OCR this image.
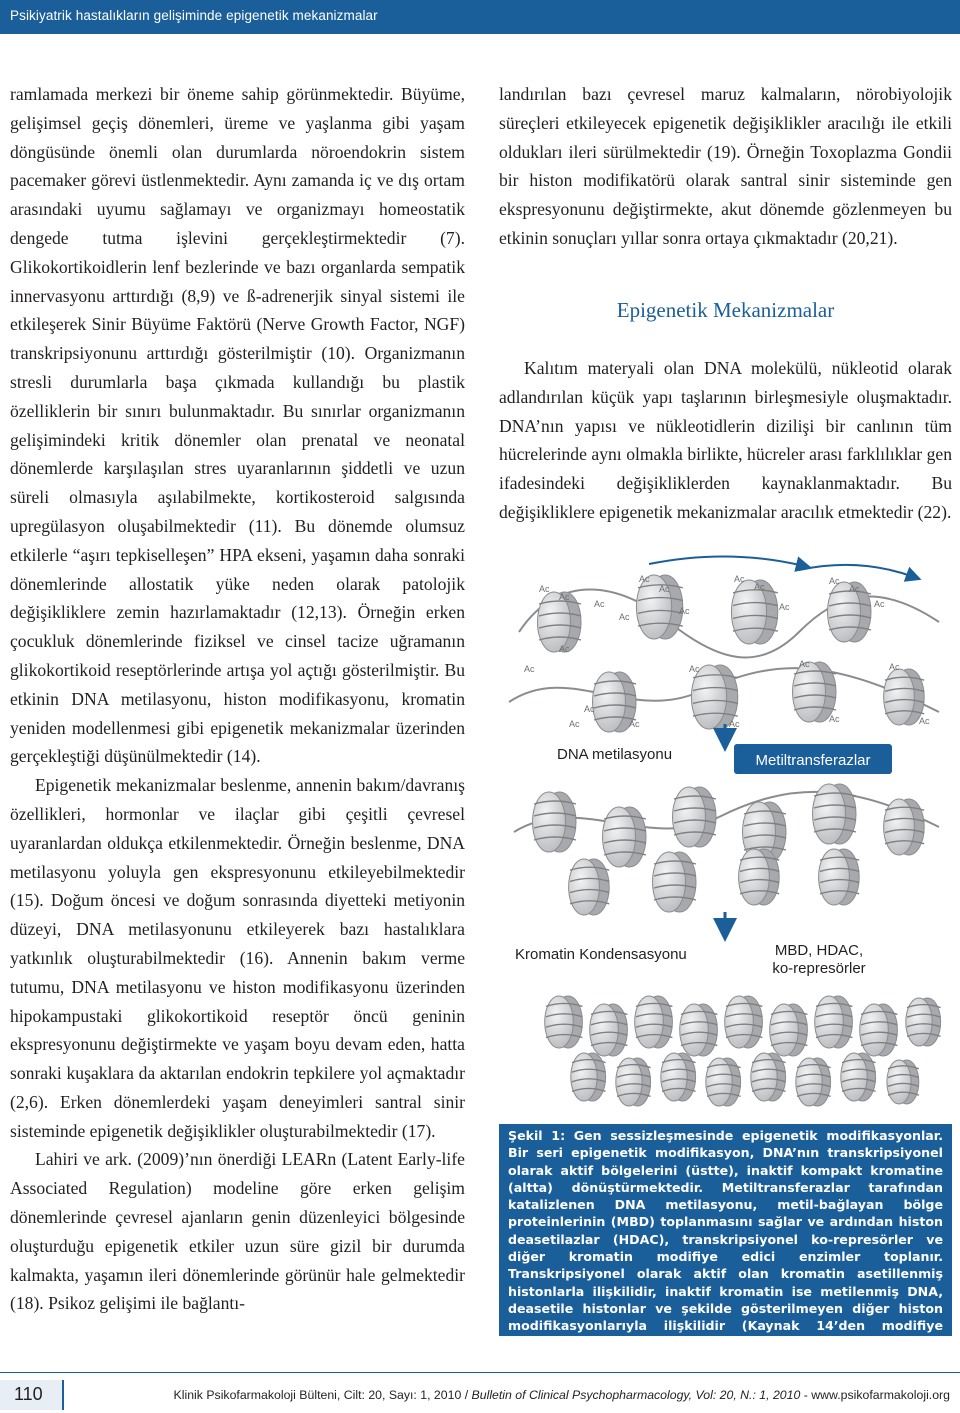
Psikiyatrik hastalıkların gelişiminde epigenetik mekanizmalar

ramlamada merkezi bir öneme sahip görünmektedir. Büyüme, gelişimsel geçiş dönemleri, üreme ve yaşlanma gibi yaşam döngüsünde önemli olan durumlarda nöroendokrin sistem pacemaker görevi üstlenmektedir. Aynı zamanda iç ve dış ortam arasındaki uyumu sağlamayı ve organizmayı homeostatik dengede tutma işlevini gerçekleştirmektedir (7). Glikokortikoidlerin lenf bezlerinde ve bazı organlarda sempatik innervasyonu arttırdığı (8,9) ve ß-adrenerjik sinyal sistemi ile etkileşerek Sinir Büyüme Faktörü (Nerve Growth Factor, NGF) transkripsiyonunu arttırdığı gösterilmiştir (10). Organizmanın stresli durumlarla başa çıkmada kullandığı bu plastik özelliklerin bir sınırı bulunmaktadır. Bu sınırlar organizmanın gelişimindeki kritik dönemler olan prenatal ve neonatal dönemlerde karşılaşılan stres uyaranlarının şiddetli ve uzun süreli olmasıyla aşılabilmekte, kortikosteroid salgısında upregülasyon oluşabilmektedir (11). Bu dönemde olumsuz etkilerle “aşırı tepkiselleşen” HPA ekseni, yaşamın daha sonraki dönemlerinde allostatik yüke neden olarak patolojik değişikliklere zemin hazırlamaktadır (12,13). Örneğin erken çocukluk dönemlerinde fiziksel ve cinsel tacize uğramanın glikokortikoid reseptörlerinde artışa yol açtığı gösterilmiştir. Bu etkinin DNA metilasyonu, histon modifikasyonu, kromatin yeniden modellenmesi gibi epigenetik mekanizmalar üzerinden gerçekleştiği düşünülmektedir (14).

Epigenetik mekanizmalar beslenme, annenin bakım/davranış özellikleri, hormonlar ve ilaçlar gibi çeşitli çevresel uyaranlardan oldukça etkilenmektedir. Örneğin beslenme, DNA metilasyonu yoluyla gen ekspresyonunu etkileyebilmektedir (15). Doğum öncesi ve doğum sonrasında diyetteki metiyonin düzeyi, DNA metilasyonunu etkileyerek bazı hastalıklara yatkınlık oluşturabilmektedir (16). Annenin bakım verme tutumu, DNA metilasyonu ve histon modifikasyonu üzerinden hipokampustaki glikokortikoid reseptör öncü geninin ekspresyonunu değiştirmekte ve yaşam boyu devam eden, hatta sonraki kuşaklara da aktarılan endokrin tepkilere yol açmaktadır (2,6). Erken dönemlerdeki yaşam deneyimleri santral sinir sisteminde epigenetik değişiklikler oluşturabilmektedir (17).

Lahiri ve ark. (2009)’nın önerdiği LEARn (Latent Early-life Associated Regulation) modeline göre erken gelişim dönemlerinde çevresel ajanların genin düzenleyici bölgesinde oluşturduğu epigenetik etkiler uzun süre gizil bir durumda kalmakta, yaşamın ileri dönemlerinde görünür hale gelmektedir (18). Psikoz gelişimi ile bağlantı-

landırılan bazı çevresel maruz kalmaların, nörobiyolojik süreçleri etkileyecek epigenetik değişiklikler aracılığı ile etkili oldukları ileri sürülmektedir (19). Örneğin Toxoplazma Gondii bir histon modifikatörü olarak santral sinir sisteminde gen ekspresyonunu değiştirmekte, akut dönemde gözlenmeyen bu etkinin sonuçları yıllar sonra ortaya çıkmaktadır (20,21).

Epigenetik Mekanizmalar

Kalıtım materyali olan DNA molekülü, nükleotid olarak adlandırılan küçük yapı taşlarının birleşmesiyle oluşmaktadır. DNA’nın yapısı ve nükleotidlerin dizilişi bir canlının tüm hücrelerinde aynı olmakla birlikte, hücreler arası farklılıklar gen ifadesindeki değişikliklerden kaynaklanmaktadır. Bu değişikliklere epigenetik mekanizmalar aracılık etmektedir (22).

Ac
Ac
Ac
Ac
Ac
Ac
Ac
Ac
Ac
Ac
Ac
Ac
Ac
Ac
Ac	Ac
Ac
Ac
Ac
Ac
Ac
Ac
Ac
Ac
DNA metilasyonu	Metiltransferazlar
Kromatin Kondensasyonu	MBD, HDAC,
ko-represörler
Şekil 1: Gen sessizleşmesinde epigenetik modifikasyonlar. Bir seri epigenetik modifikasyon, DNA’nın transkripsiyonel olarak aktif bölgelerini (üstte), inaktif kompakt kromatine (altta) dönüştürmektedir. Metiltransferazlar tarafından katalizlenen DNA metilasyonu, metil-bağlayan bölge proteinlerinin (MBD) toplanmasını sağlar ve ardından histon deasetilazlar (HDAC), transkripsiyonel ko-represörler ve diğer kromatin modifiye edici enzimler toplanır. Transkripsiyonel olarak aktif olan kromatin asetillenmiş histonlarla ilişkilidir, inaktif kromatin ise metilenmiş DNA, deasetile histonlar ve şekilde gösterilmeyen diğer histon modifikasyonlarıyla ilişkilidir (Kaynak 14’den modifiye edilmiştir).
110	Klinik Psikofarmakoloji Bülteni, Cilt: 20, Sayı: 1, 2010 / Bulletin of Clinical Psychopharmacology, Vol: 20, N.: 1, 2010 - www.psikofarmakoloji.org
